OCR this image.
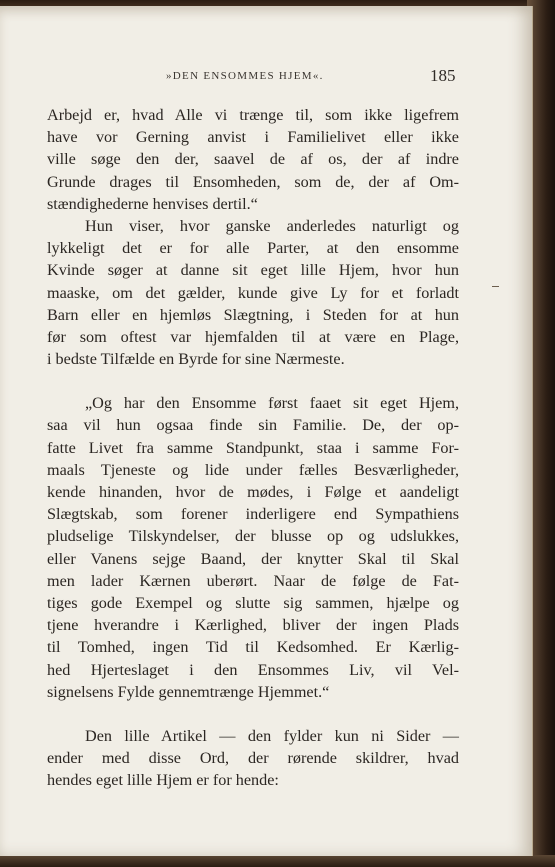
»DEN ENSOMMES HJEM«.	185
Arbejd er, hvad Alle vi trænge til, som ikke ligefrem
have vor Gerning anvist i Familielivet eller ikke
ville søge den der, saavel de af os, der af indre
Grunde drages til Ensomheden, som de, der af Om-
stændighederne henvises dertil.“
Hun viser, hvor ganske anderledes naturligt og
lykkeligt det er for alle Parter, at den ensomme
Kvinde søger at danne sit eget lille Hjem, hvor hun
maaske, om det gælder, kunde give Ly for et forladt
Barn eller en hjemløs Slægtning, i Steden for at hun
før som oftest var hjemfalden til at være en Plage,
i bedste Tilfælde en Byrde for sine Nærmeste.
„Og har den Ensomme først faaet sit eget Hjem,
saa vil hun ogsaa finde sin Familie. De, der op-
fatte Livet fra samme Standpunkt, staa i samme For-
maals Tjeneste og lide under fælles Besværligheder,
kende hinanden, hvor de mødes, i Følge et aandeligt
Slægtskab, som forener inderligere end Sympathiens
pludselige Tilskyndelser, der blusse op og udslukkes,
eller Vanens sejge Baand, der knytter Skal til Skal
men lader Kærnen uberørt. Naar de følge de Fat-
tiges gode Exempel og slutte sig sammen, hjælpe og
tjene hverandre i Kærlighed, bliver der ingen Plads
til Tomhed, ingen Tid til Kedsomhed. Er Kærlig-
hed Hjerteslaget i den Ensommes Liv, vil Vel-
signelsens Fylde gennemtrænge Hjemmet.“
Den lille Artikel — den fylder kun ni Sider —
ender med disse Ord, der rørende skildrer, hvad
hendes eget lille Hjem er for hende:
